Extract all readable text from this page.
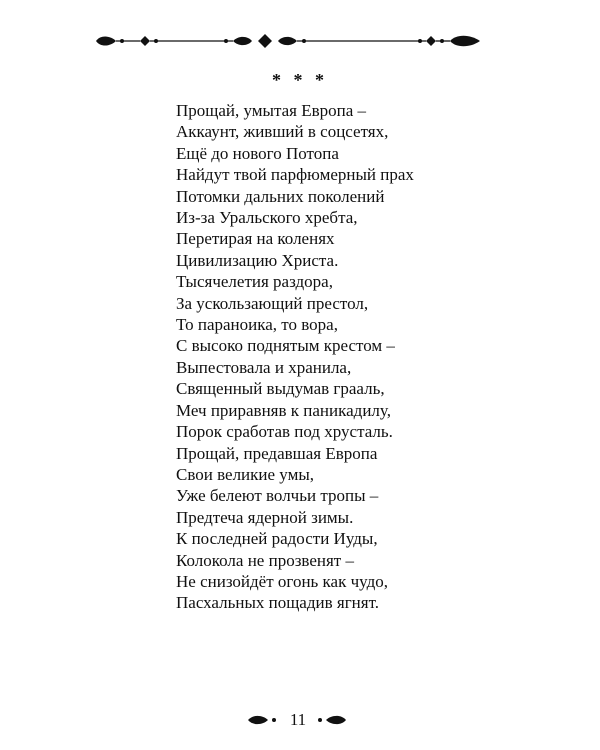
* * *
Прощай, умытая Европа –
Аккаунт, живший в соцсетях,
Ещё до нового Потопа
Найдут твой парфюмерный прах
Потомки дальних поколений
Из-за Уральского хребта,
Перетирая на коленях
Цивилизацию Христа.
Тысячелетия раздора,
За ускользающий престол,
То параноика, то вора,
С высоко поднятым крестом –
Выпестовала и хранила,
Священный выдумав грааль,
Меч приравняв к паникадилу,
Порок сработав под хрусталь.
Прощай, предавшая Европа
Свои великие умы,
Уже белеют волчьи тропы –
Предтеча ядерной зимы.
К последней радости Иуды,
Колокола не прозвенят –
Не снизойдёт огонь как чудо,
Пасхальных пощадив ягнят.
11
